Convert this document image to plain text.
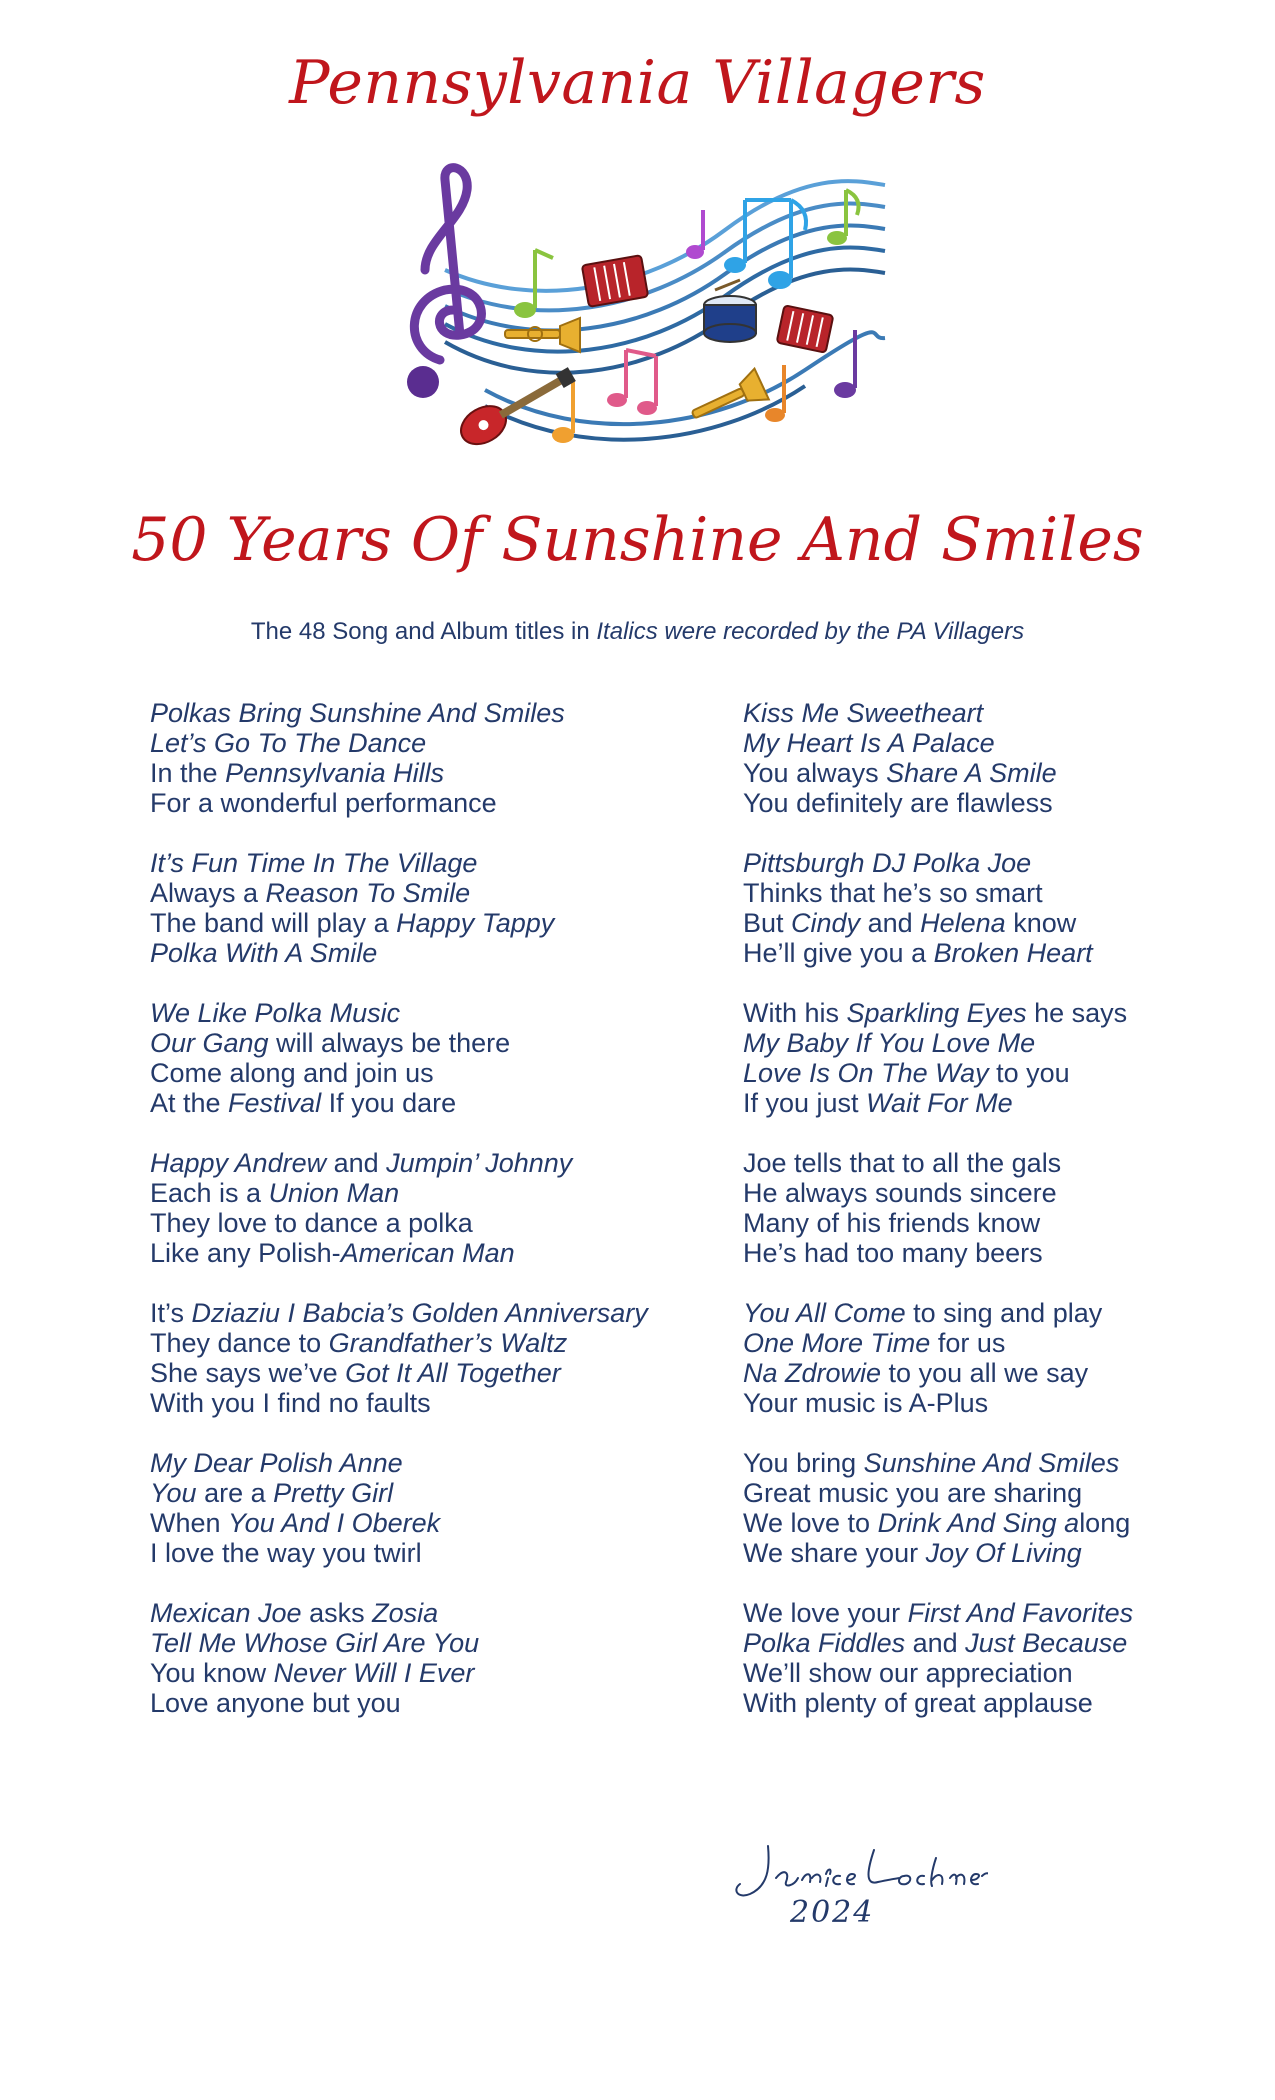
Pennsylvania Villagers
50 Years Of Sunshine And Smiles
The 48 Song and Album titles in Italics were recorded by the PA Villagers
Polkas Bring Sunshine And Smiles
Let’s Go To The Dance
In the Pennsylvania Hills
For a wonderful performance
It’s Fun Time In The Village
Always a Reason To Smile
The band will play a Happy Tappy
Polka With A Smile
We Like Polka Music
Our Gang will always be there
Come along and join us
At the Festival If you dare
Happy Andrew and Jumpin’ Johnny
Each is a Union Man
They love to dance a polka
Like any Polish-American Man
It’s Dziaziu I Babcia’s Golden Anniversary
They dance to Grandfather’s Waltz
She says we’ve Got It All Together
With you I find no faults
My Dear Polish Anne
You are a Pretty Girl
When You And I Oberek
I love the way you twirl
Mexican Joe asks Zosia
Tell Me Whose Girl Are You
You know Never Will I Ever
Love anyone but you
Kiss Me Sweetheart
My Heart Is A Palace
You always Share A Smile
You definitely are flawless
Pittsburgh DJ Polka Joe
Thinks that he’s so smart
But Cindy and Helena know
He’ll give you a Broken Heart
With his Sparkling Eyes he says
My Baby If You Love Me
Love Is On The Way to you
If you just Wait For Me
Joe tells that to all the gals
He always sounds sincere
Many of his friends know
He’s had too many beers
You All Come to sing and play
One More Time for us
Na Zdrowie to you all we say
Your music is A-Plus
You bring Sunshine And Smiles
Great music you are sharing
We love to Drink And Sing along
We share your Joy Of Living
We love your First And Favorites
Polka Fiddles and Just Because
We’ll show our appreciation
With plenty of great applause
2024
